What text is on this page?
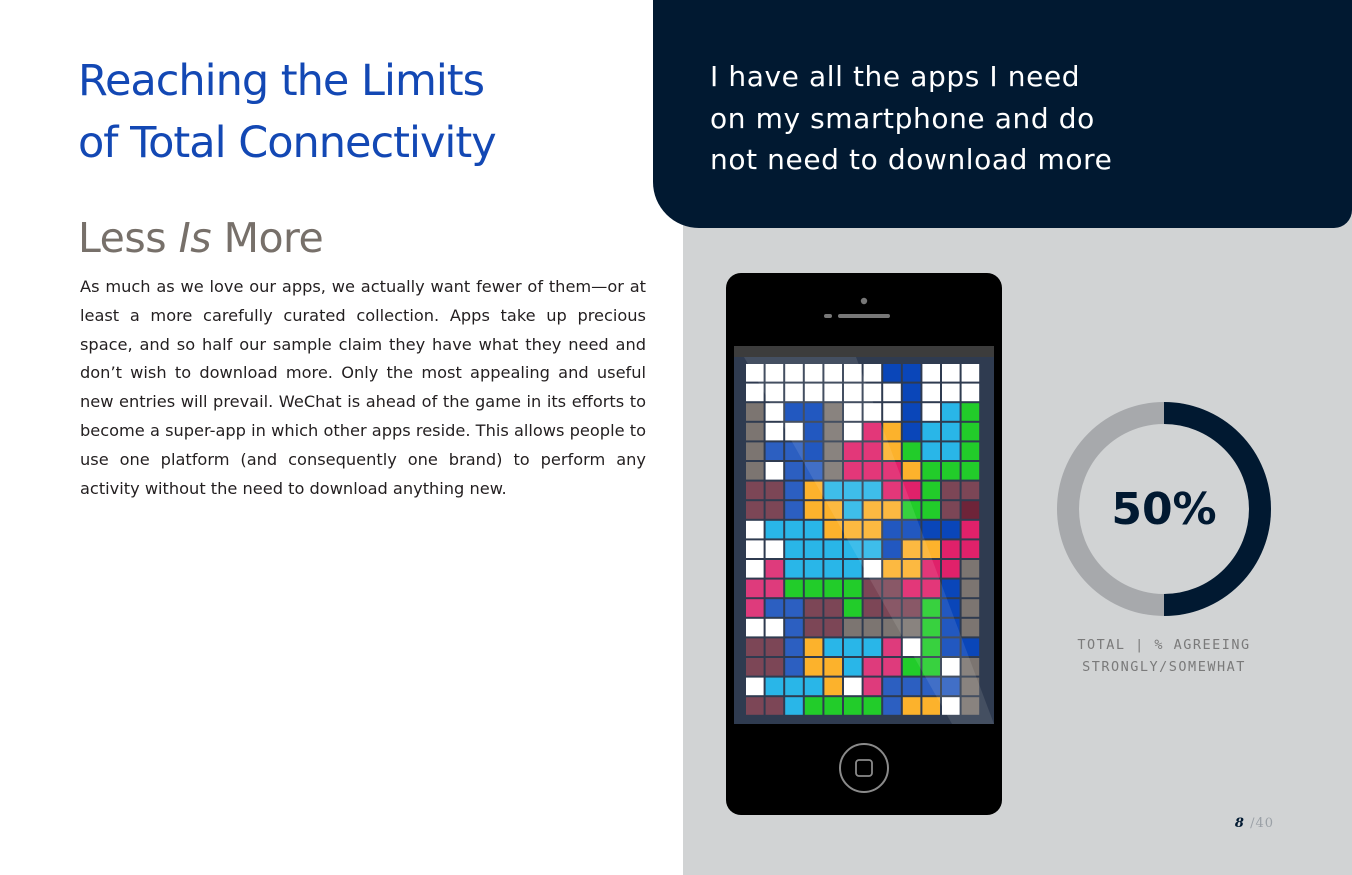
Reaching the Limits
of Total Connectivity
Less Is More

As much as we love our apps, we actually want fewer of them—or at least a more carefully curated collection. Apps take up precious space, and so half our sample claim they have what they need and don’t wish to download more. Only the most appealing and useful new entries will prevail. WeChat is ahead of the game in its efforts to become a super-app in which other apps reside. This allows people to use one platform (and consequently one brand) to perform any activity without the need to download anything new.

I have all the apps I need
on my smartphone and do
not need to download more

50%
TOTAL | % AGREEING
STRONGLY/SOMEWHAT
8 /40
